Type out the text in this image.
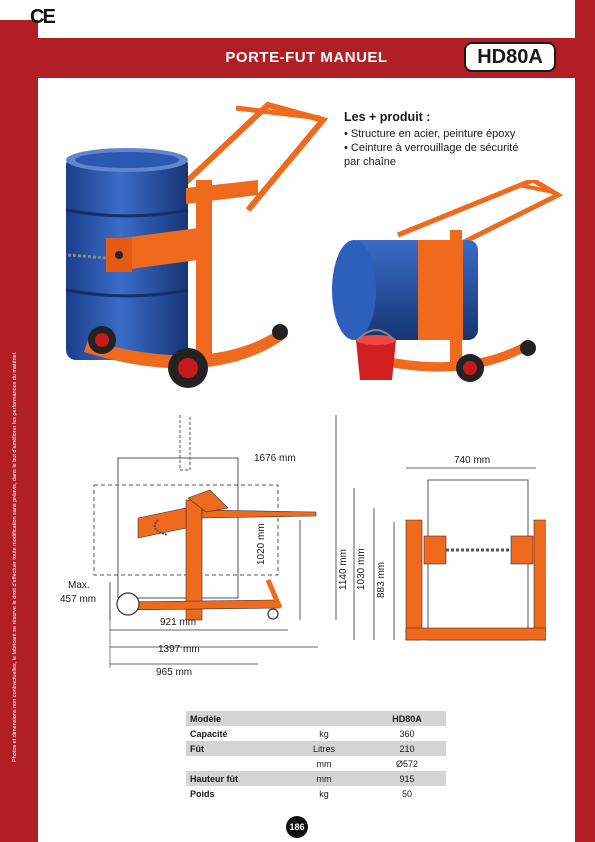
Photos et dimensions non contractuelles, le fabricant se réserve le droit d'effectuer toute modification sans préavis, dans le but d'améliorer les performances du matériel.
CE
PORTE-FUT MANUEL	HD80A
Les + produit :
• Structure en acier, peinture époxy
• Ceinture à verrouillage de sécurité
par chaîne
1676 mm
1020 mm
Max.
457 mm
921 mm
1397 mm
965 mm
740 mm
1140 mm 1030 mm 883 mm
Modèle		HD80A
Capacité	kg	360
Fût	Litres	210
	mm	Ø572
Hauteur fût	mm	915
Poids	kg	50
186
